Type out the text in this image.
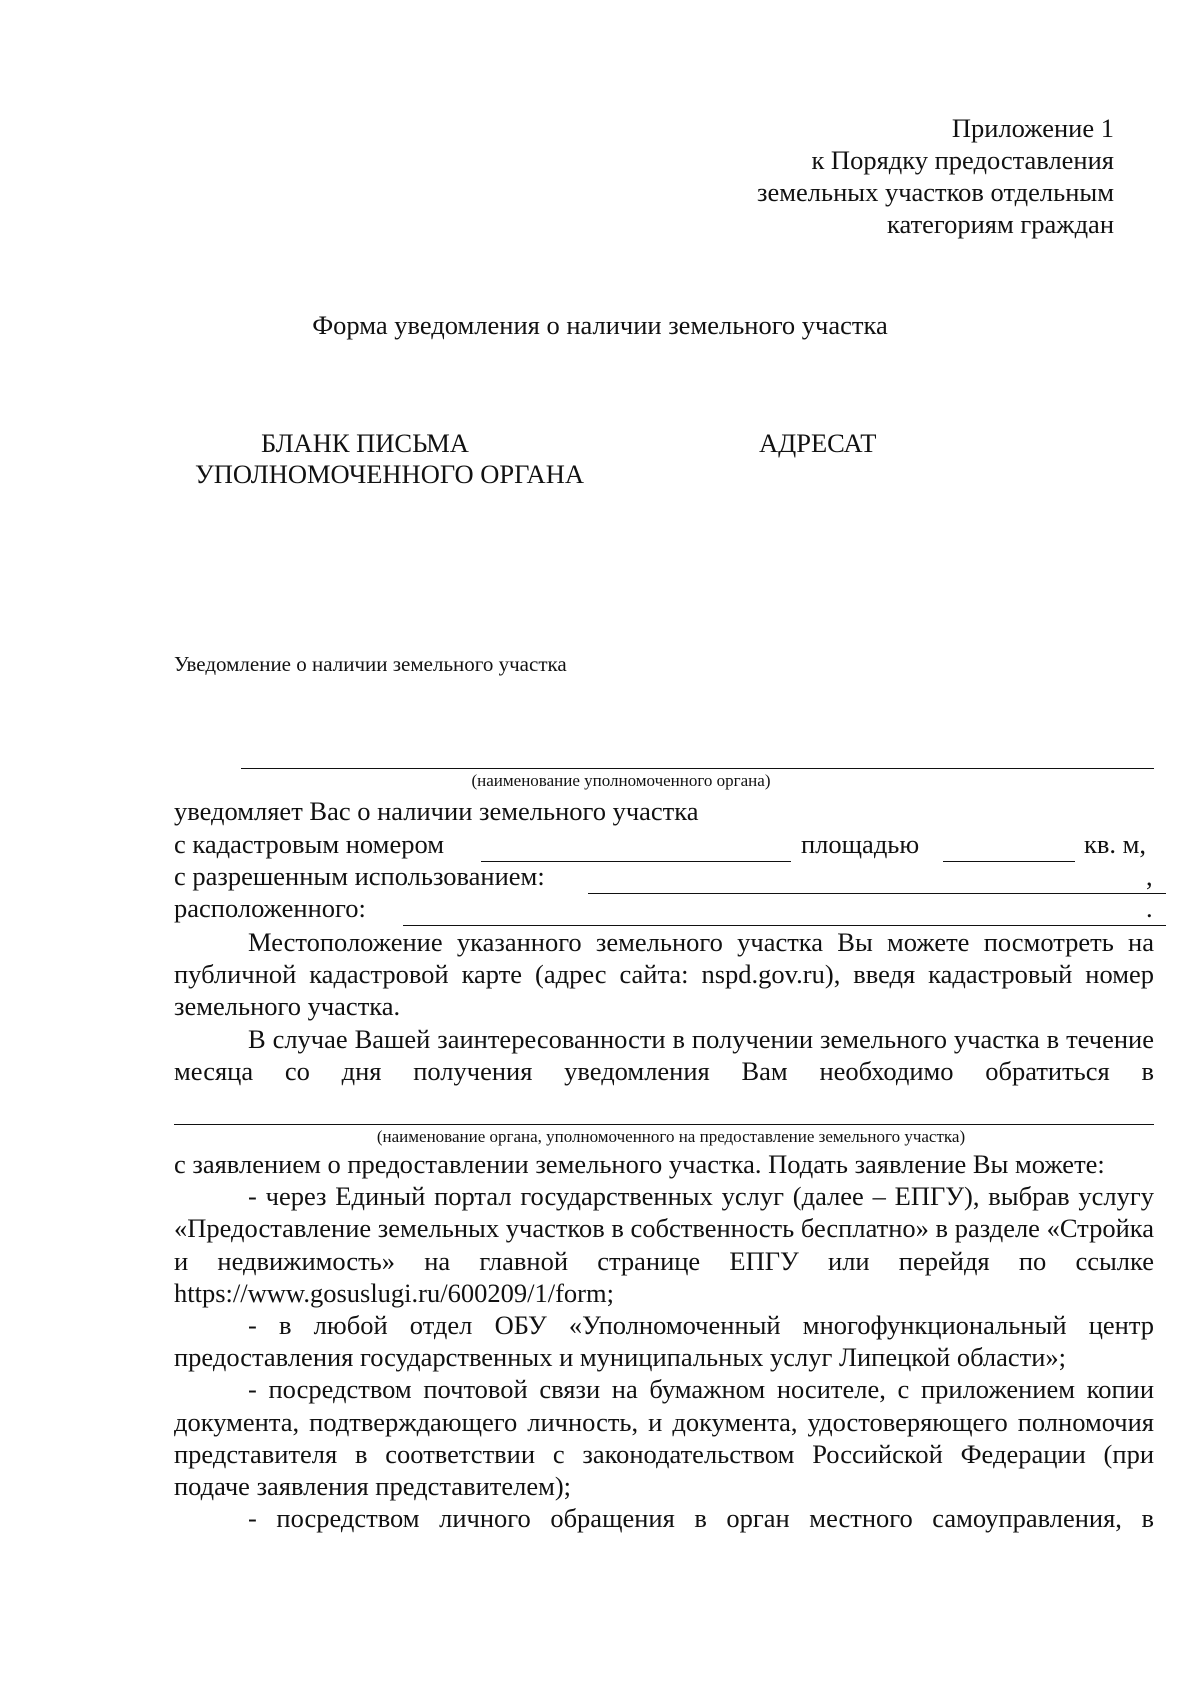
Приложение 1
к Порядку предоставления
земельных участков отдельным
категориям граждан
Форма уведомления о наличии земельного участка
БЛАНК ПИСЬМА
УПОЛНОМОЧЕННОГО ОРГАНА
АДРЕСАТ
Уведомление о наличии земельного участка
(наименование уполномоченного органа)
уведомляет Вас о наличии земельного участка
с кадастровым номером	площадью	кв. м,
с разрешенным использованием:	,
расположенного:	.

Местоположение указанного земельного участка Вы можете посмотреть на публичной кадастровой карте (адрес сайта: nspd.gov.ru), введя кадастровый номер земельного участка.

В случае Вашей заинтересованности в получении земельного участка в течение месяца со дня получения уведомления Вам необходимо обратиться в

(наименование органа, уполномоченного на предоставление земельного участка)

с заявлением о предоставлении земельного участка. Подать заявление Вы можете:

- через Единый портал государственных услуг (далее – ЕПГУ), выбрав услугу «Предоставление земельных участков в собственность бесплатно» в разделе «Стройка и недвижимость» на главной странице ЕПГУ или перейдя по ссылке https://www.gosuslugi.ru/600209/1/form;

- в любой отдел ОБУ «Уполномоченный многофункциональный центр предоставления государственных и муниципальных услуг Липецкой области»;

- посредством почтовой связи на бумажном носителе, с приложением копии документа, подтверждающего личность, и документа, удостоверяющего полномочия представителя в соответствии с законодательством Российской Федерации (при подаче заявления представителем);

- посредством личного обращения в орган местного самоуправления, в
